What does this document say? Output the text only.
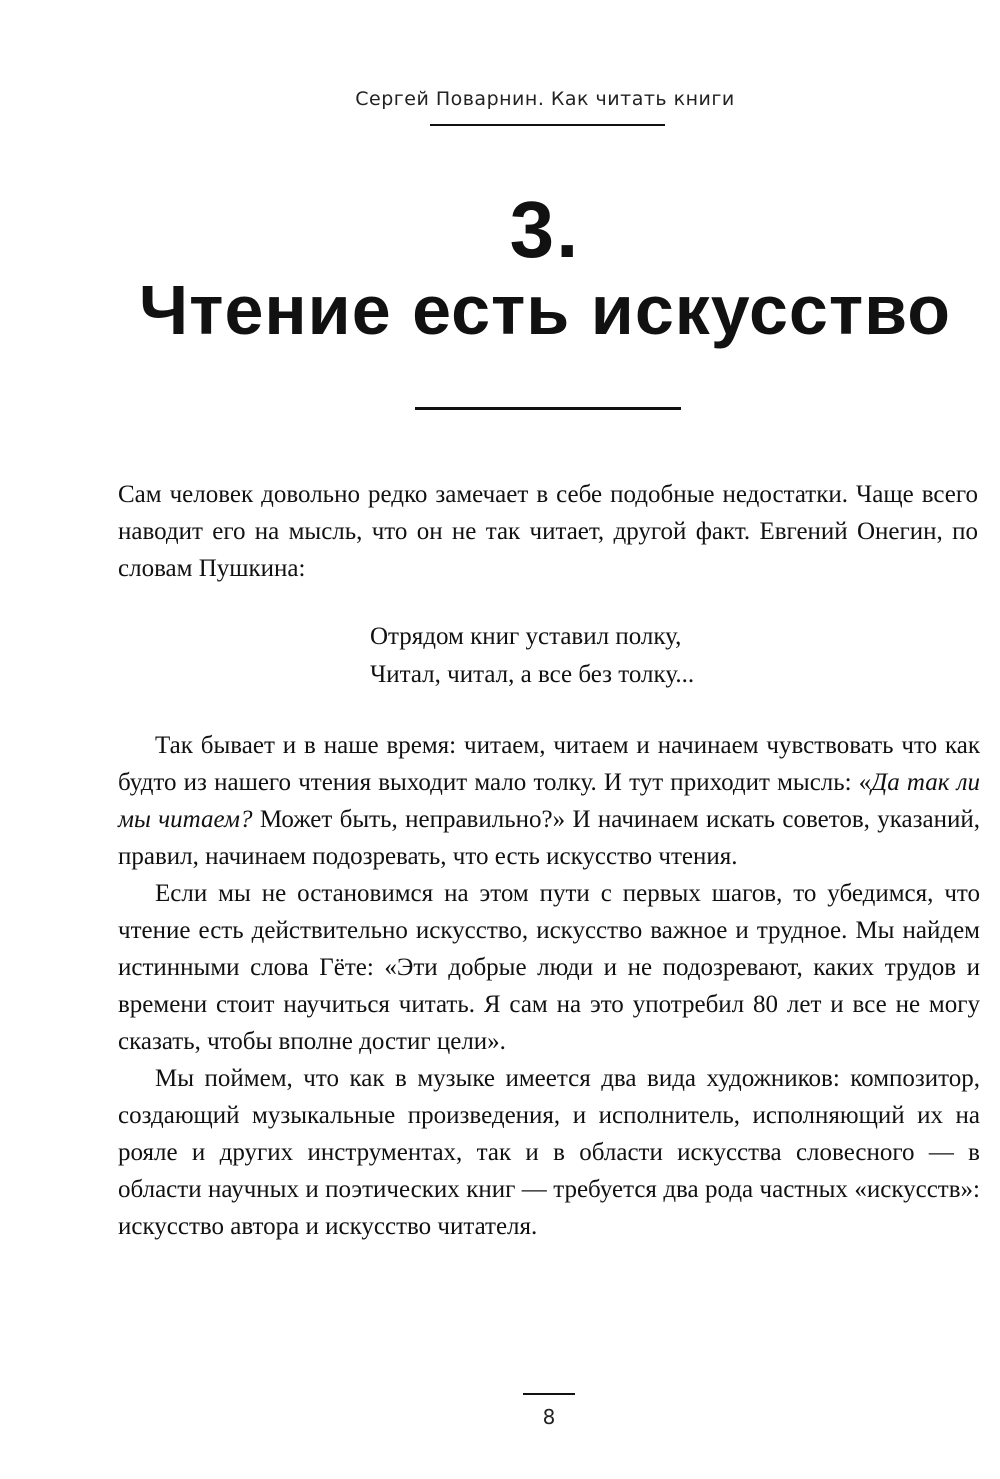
Сергей Поварнин. Как читать книги
3.
Чтение есть искусство

Сам человек довольно редко замечает в себе подобные недостатки. Чаще всего наводит его на мысль, что он не так читает, другой факт. Евгений Онегин, по словам Пушкина:

Отрядом книг уставил полку,
Читал, читал, а все без толку...

Так бывает и в наше время: читаем, читаем и начинаем чувствовать что как будто из нашего чтения выходит мало толку. И тут приходит мысль: «Да так ли мы читаем? Может быть, неправильно?» И начинаем искать советов, указаний, правил, начинаем подозревать, что есть искусство чтения.

Если мы не остановимся на этом пути с первых шагов, то убедимся, что чтение есть действительно искусство, искусство важное и трудное. Мы найдем истинными слова Гёте: «Эти добрые люди и не подозревают, каких трудов и времени стоит научиться читать. Я сам на это употребил 80 лет и все не могу сказать, чтобы вполне достиг цели».

Мы поймем, что как в музыке имеется два вида художников: композитор, создающий музыкальные произведения, и исполнитель, исполняющий их на рояле и других инструментах, так и в области искусства словесного — в области научных и поэтических книг — требуется два рода частных «искусств»: искусство автора и искусство читателя.

8
